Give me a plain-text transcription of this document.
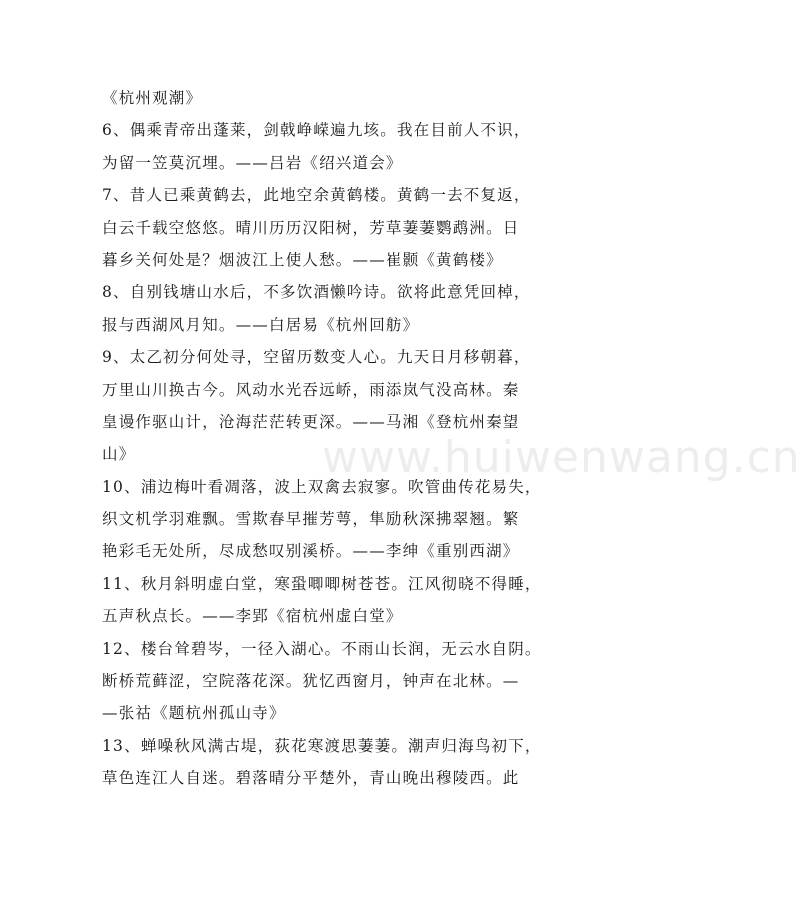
《杭州观潮》
6、偶乘青帝出蓬莱，剑戟峥嵘遍九垓。我在目前人不识，
为留一笠莫沉埋。——吕岩《绍兴道会》
7、昔人已乘黄鹤去，此地空余黄鹤楼。黄鹤一去不复返，
白云千载空悠悠。晴川历历汉阳树，芳草萋萋鹦鹉洲。日
暮乡关何处是？烟波江上使人愁。——崔颢《黄鹤楼》
8、自别钱塘山水后，不多饮酒懒吟诗。欲将此意凭回棹，
报与西湖风月知。——白居易《杭州回舫》
9、太乙初分何处寻，空留历数变人心。九天日月移朝暮，
万里山川换古今。风动水光吞远峤，雨添岚气没高林。秦
皇谩作驱山计，沧海茫茫转更深。——马湘《登杭州秦望
山》
10、浦边梅叶看凋落，波上双禽去寂寥。吹管曲传花易失，
织文机学羽难飘。雪欺春早摧芳萼，隼励秋深拂翠翘。繁
艳彩毛无处所，尽成愁叹别溪桥。——李绅《重别西湖》
11、秋月斜明虚白堂，寒蛩唧唧树苍苍。江风彻晓不得睡，
五声秋点长。——李郢《宿杭州虚白堂》
12、楼台耸碧岑，一径入湖心。不雨山长润，无云水自阴。
断桥荒藓涩，空院落花深。犹忆西窗月，钟声在北林。—
—张祜《题杭州孤山寺》
13、蝉噪秋风满古堤，荻花寒渡思萋萋。潮声归海鸟初下，
草色连江人自迷。碧落晴分平楚外，青山晚出穆陵西。此
www.huiwenwang.cn
